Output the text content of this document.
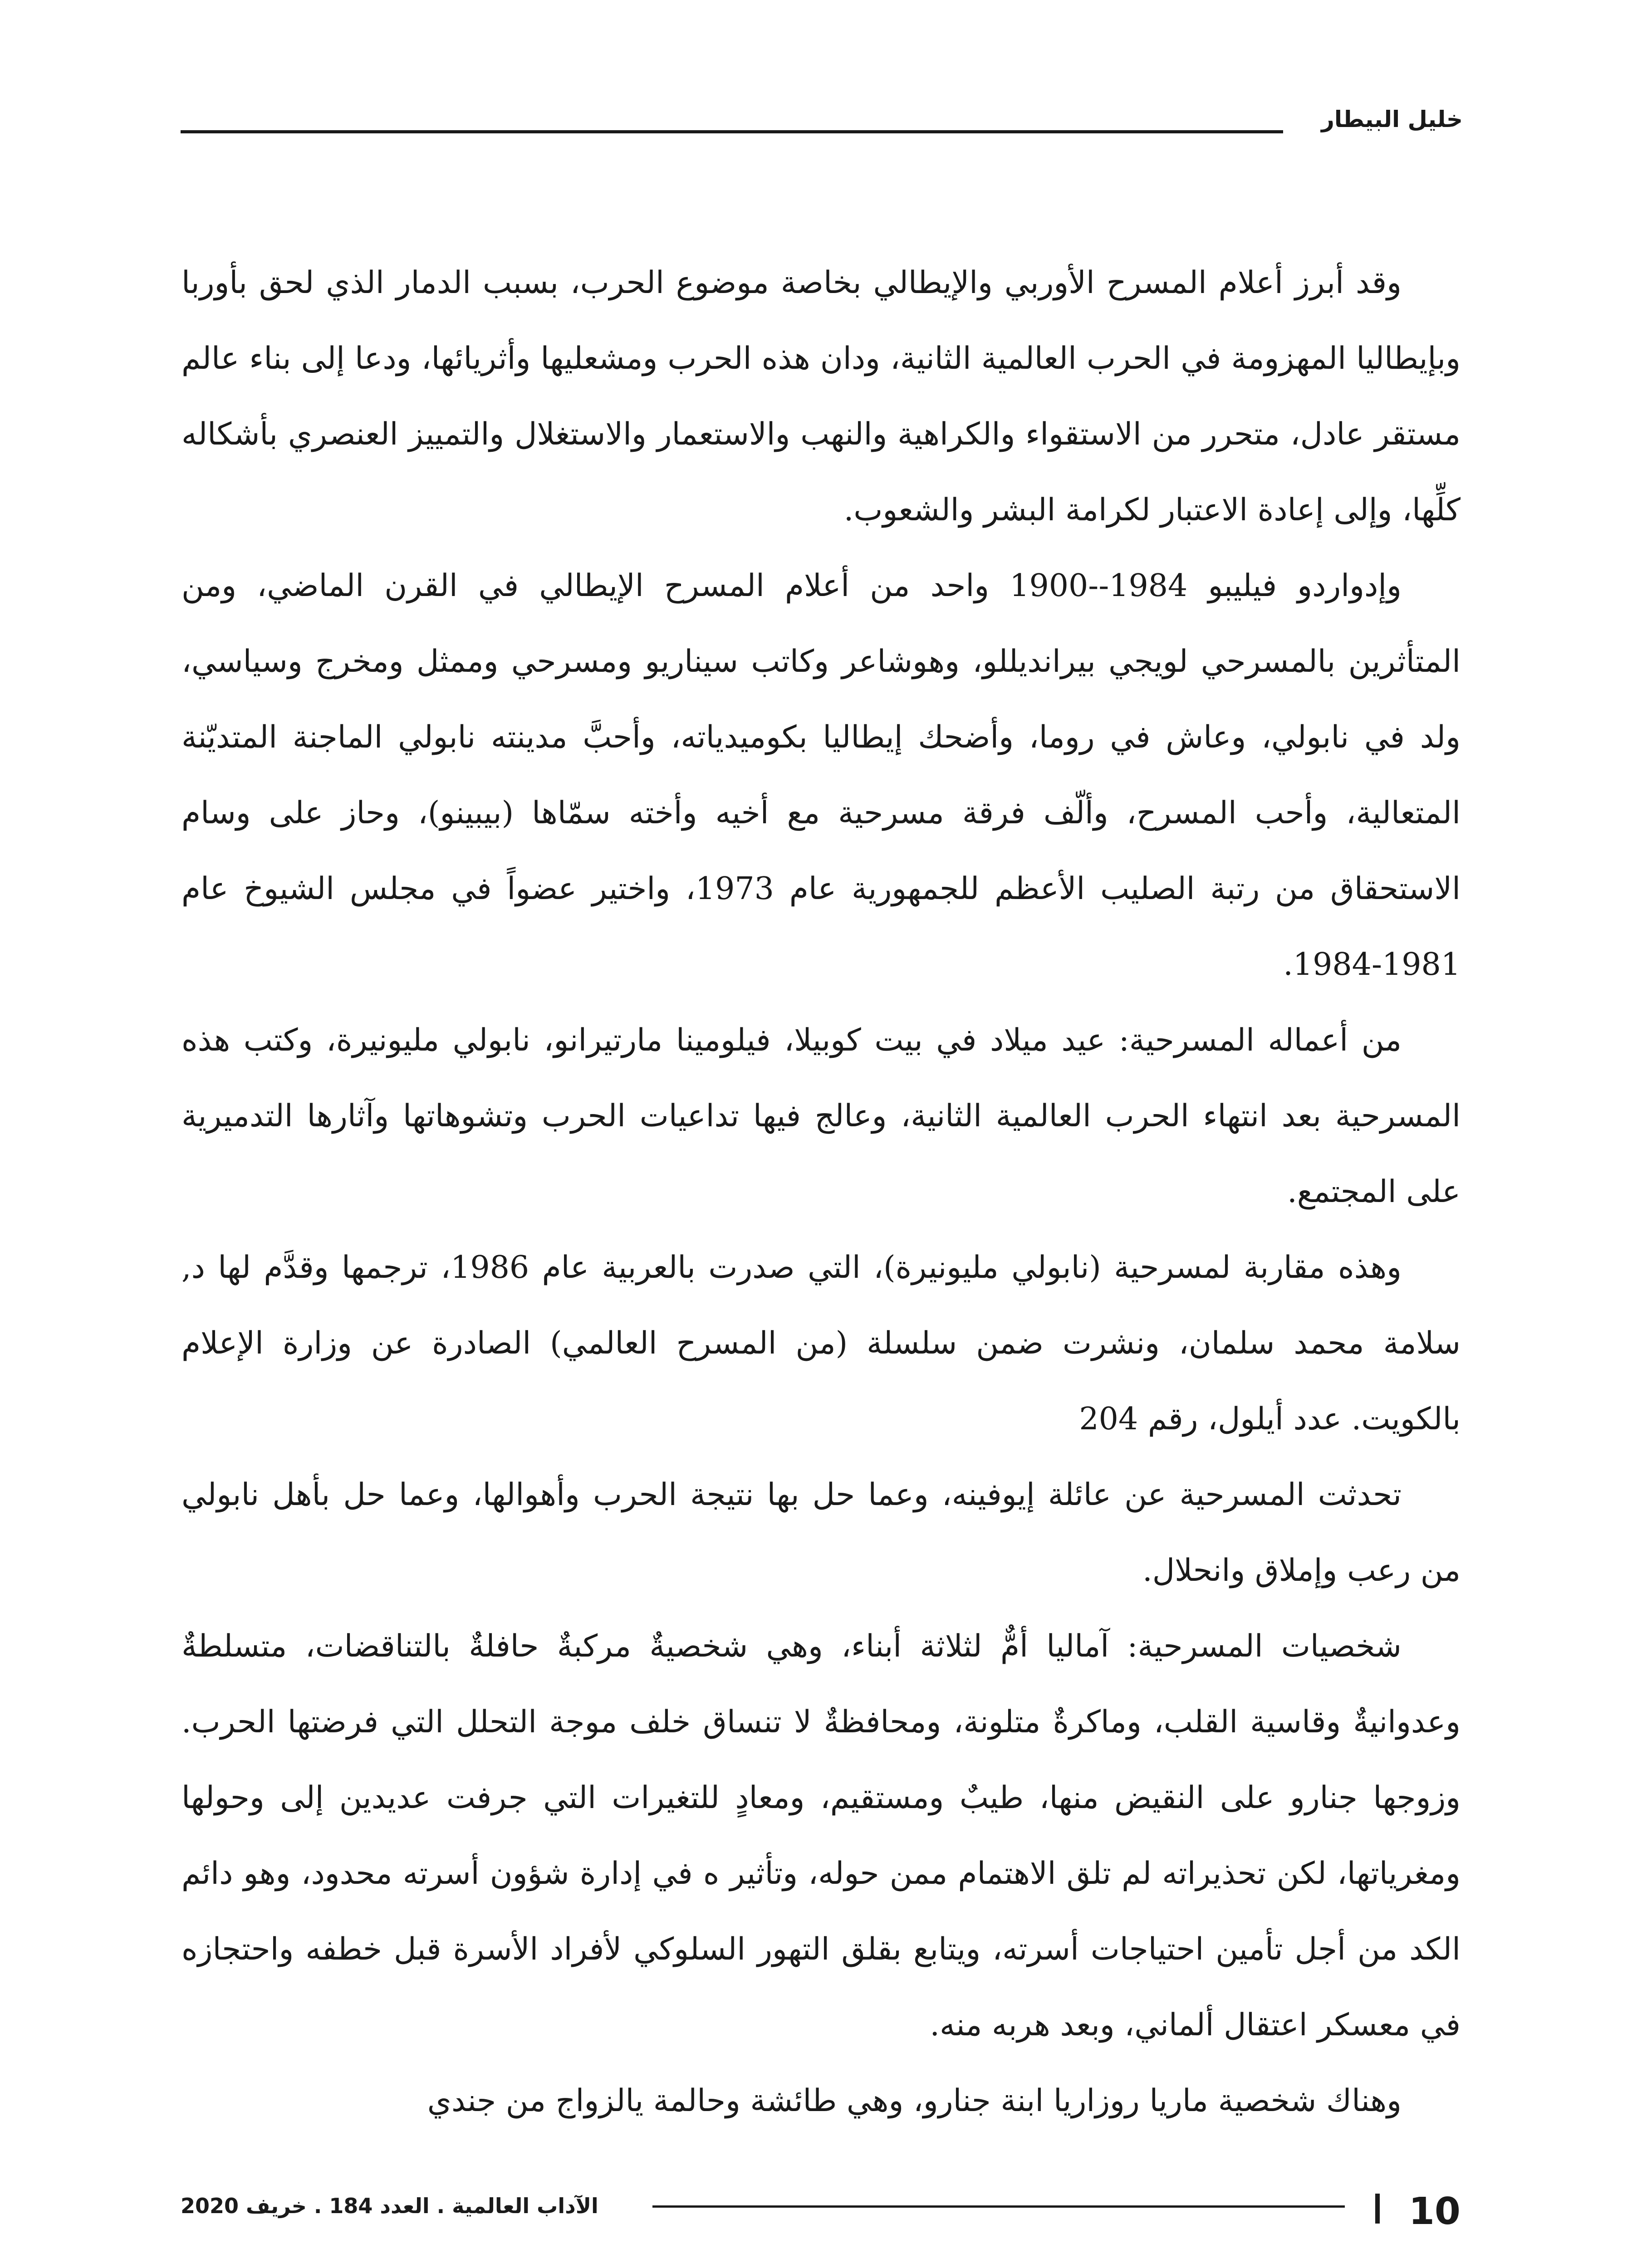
خليل البيطار

وقد أبرز أعلام المسرح الأوربي والإيطالي بخاصة موضوع الحرب، بسبب الدمار الذي لحق بأوربا وبإيطاليا المهزومة في الحرب العالمية الثانية، ودان هذه الحرب ومشعليها وأثريائها، ودعا إلى بناء عالم مستقر عادل، متحرر من الاستقواء والكراهية والنهب والاستعمار والاستغلال والتمييز العنصري بأشكاله كلِّها، وإلى إعادة الاعتبار لكرامة البشر والشعوب.

وإدواردو فيليبو 1984--1900 واحد من أعلام المسرح الإيطالي في القرن الماضي، ومن المتأثرين بالمسرحي لويجي بيرانديللو، وهوشاعر وكاتب سيناريو ومسرحي وممثل ومخرج وسياسي، ولد في نابولي، وعاش في روما، وأضحك إيطاليا بكوميدياته، وأحبَّ مدينته نابولي الماجنة المتديّنة المتعالية، وأحب المسرح، وألّف فرقة مسرحية مع أخيه وأخته سمّاها (بيبينو)، وحاز على وسام الاستحقاق من رتبة الصليب الأعظم للجمهورية عام 1973، واختير عضواً في مجلس الشيوخ عام 1981-1984.

من أعماله المسرحية: عيد ميلاد في بيت كوبيلا، فيلومينا مارتيرانو، نابولي مليونيرة، وكتب هذه المسرحية بعد انتهاء الحرب العالمية الثانية، وعالج فيها تداعيات الحرب وتشوهاتها وآثارها التدميرية على المجتمع.

وهذه مقاربة لمسرحية (نابولي مليونيرة)، التي صدرت بالعربية عام 1986، ترجمها وقدَّم لها د, سلامة محمد سلمان، ونشرت ضمن سلسلة (من المسرح العالمي) الصادرة عن وزارة الإعلام بالكويت. عدد أيلول، رقم 204

تحدثت المسرحية عن عائلة إيوفينه، وعما حل بها نتيجة الحرب وأهوالها، وعما حل بأهل نابولي من رعب وإملاق وانحلال.

شخصيات المسرحية: آماليا أمٌّ لثلاثة أبناء، وهي شخصيةٌ مركبةٌ حافلةٌ بالتناقضات، متسلطةٌ وعدوانيةٌ وقاسية القلب، وماكرةٌ متلونة، ومحافظةٌ لا تنساق خلف موجة التحلل التي فرضتها الحرب. وزوجها جنارو على النقيض منها، طيبٌ ومستقيم، ومعادٍ للتغيرات التي جرفت عديدين إلى وحولها ومغرياتها، لكن تحذيراته لم تلق الاهتمام ممن حوله، وتأثير ه في إدارة شؤون أسرته محدود، وهو دائم الكد من أجل تأمين احتياجات أسرته، ويتابع بقلق التهور السلوكي لأفراد الأسرة قبل خطفه واحتجازه في معسكر اعتقال ألماني، وبعد هربه منه.

وهناك شخصية ماريا روزاريا ابنة جنارو، وهي طائشة وحالمة يالزواج من جندي

10
الآداب العالمية . العدد 184 . خريف 2020
